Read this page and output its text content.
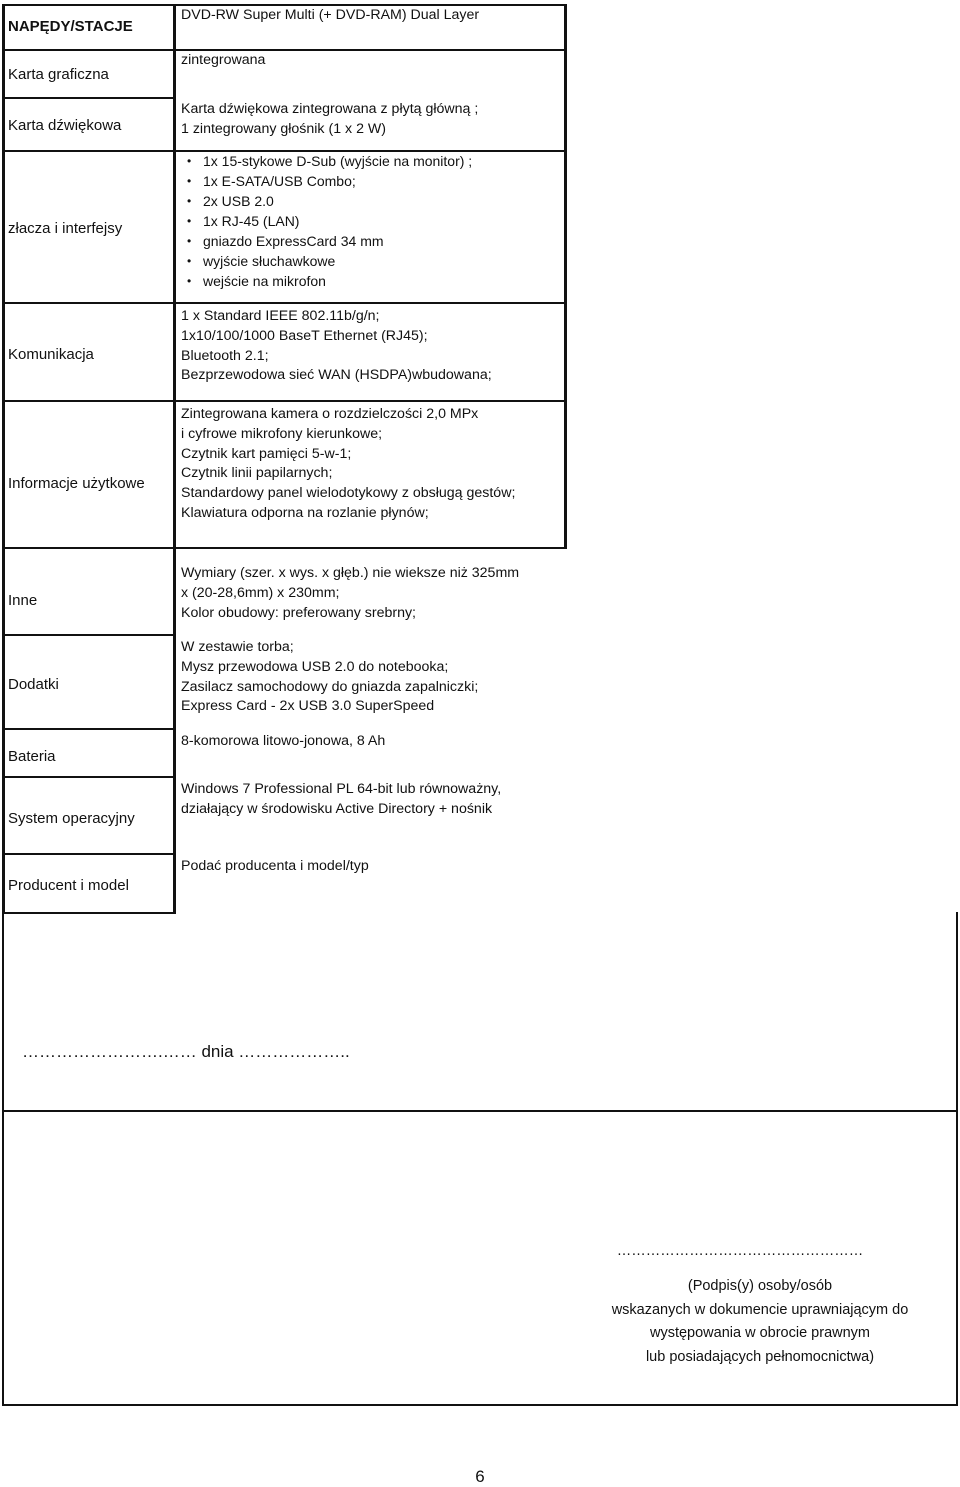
NAPĘDY/STACJE
Karta graficzna
Karta dźwiękowa
złacza i interfejsy
Komunikacja
Informacje użytkowe
Inne
Dodatki
Bateria
System operacyjny
Producent i model
DVD-RW Super Multi (+ DVD-RAM) Dual Layer
zintegrowana
Karta dźwiękowa zintegrowana z płytą główną ;
1 zintegrowany głośnik (1 x 2 W)
• 1x 15-stykowe D-Sub (wyjście na monitor) ;
• 1x E-SATA/USB Combo;
• 2x USB 2.0
• 1x RJ-45 (LAN)
• gniazdo ExpressCard 34 mm
• wyjście słuchawkowe
• wejście na mikrofon
1 x Standard IEEE 802.11b/g/n;
1x10/100/1000 BaseT Ethernet (RJ45);
Bluetooth 2.1;
Bezprzewodowa sieć WAN (HSDPA)wbudowana;
Zintegrowana kamera o rozdzielczości 2,0 MPx
i cyfrowe mikrofony kierunkowe;
Czytnik kart pamięci 5-w-1;
Czytnik linii papilarnych;
Standardowy panel wielodotykowy z obsługą gestów;
Klawiatura odporna na rozlanie płynów;
Wymiary (szer. x wys. x głęb.) nie wieksze niż 325mm
x (20-28,6mm) x 230mm;
Kolor obudowy: preferowany srebrny;
W zestawie torba;
Mysz przewodowa USB 2.0 do notebooka;
Zasilacz samochodowy do gniazda zapalniczki;
Express Card - 2x USB 3.0 SuperSpeed
8-komorowa litowo-jonowa, 8 Ah
Windows 7 Professional PL 64-bit lub równoważny,
działający w środowisku Active Directory + nośnik
Podać producenta i model/typ
…………………….…… dnia ………………..
……………………………………………
(Podpis(y) osoby/osób
wskazanych w dokumencie uprawniającym do
występowania w obrocie prawnym
lub posiadających pełnomocnictwa)
6
